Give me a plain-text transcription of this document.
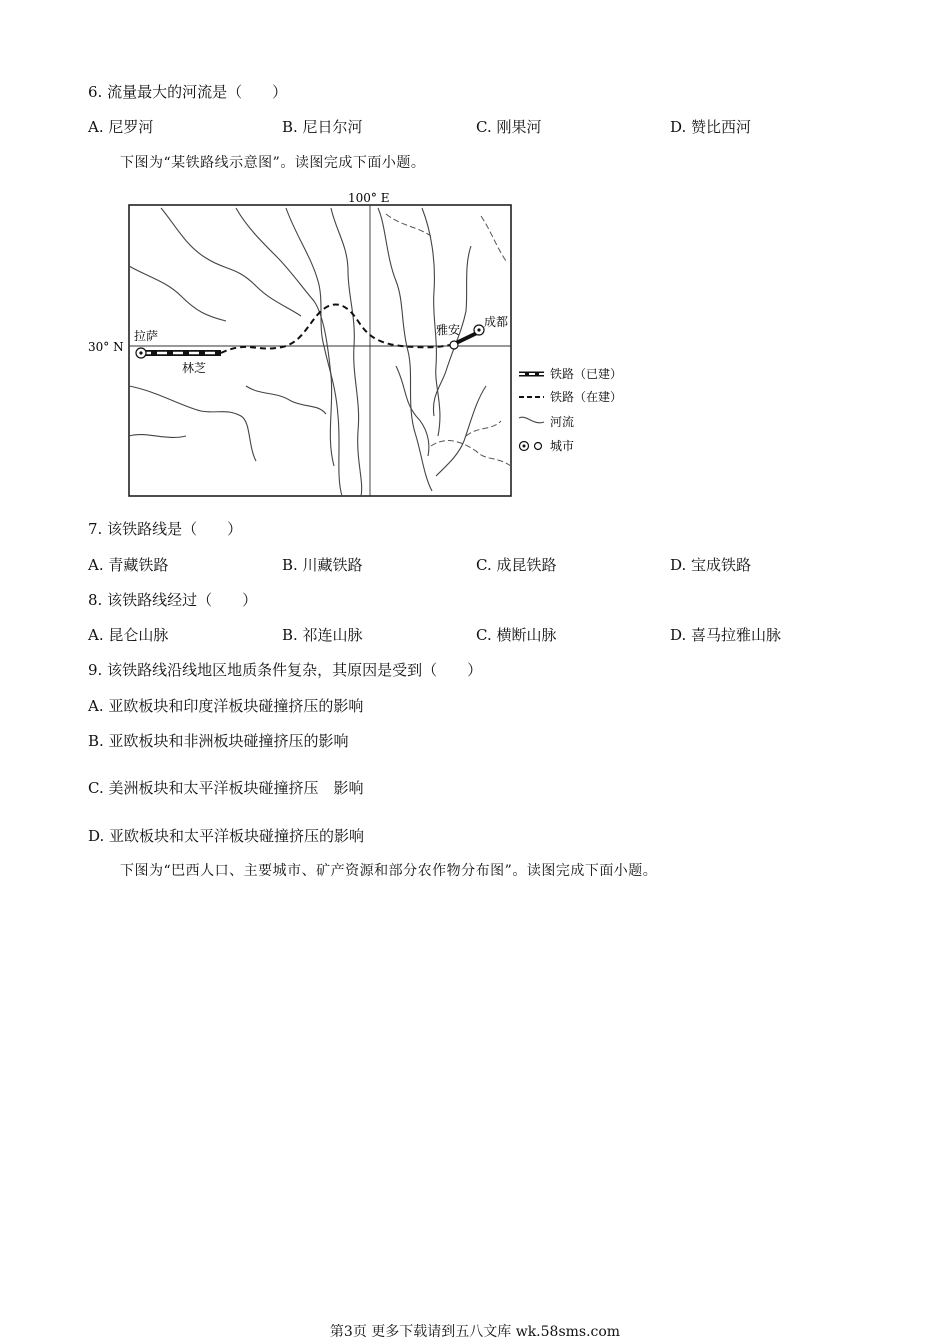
6. 流量最大的河流是（　　）
A. 尼罗河	B. 尼日尔河	C. 刚果河	D. 赞比西河
下图为“某铁路线示意图”。读图完成下面小题。
100° E
30° N
拉萨
林芝
雅安
成都
铁路（已建）
铁路（在建）
河流
城市
7. 该铁路线是（　　）
A. 青藏铁路	B. 川藏铁路	C. 成昆铁路	D. 宝成铁路
8. 该铁路线经过（　　）
A. 昆仑山脉	B. 祁连山脉	C. 横断山脉	D. 喜马拉雅山脉
9. 该铁路线沿线地区地质条件复杂，其原因是受到（　　）
A. 亚欧板块和印度洋板块碰撞挤压的影响
B. 亚欧板块和非洲板块碰撞挤压的影响
C. 美洲板块和太平洋板块碰撞挤压　影响
D. 亚欧板块和太平洋板块碰撞挤压的影响
下图为“巴西人口、主要城市、矿产资源和部分农作物分布图”。读图完成下面小题。
第3页 更多下载请到五八文库 wk.58sms.com
